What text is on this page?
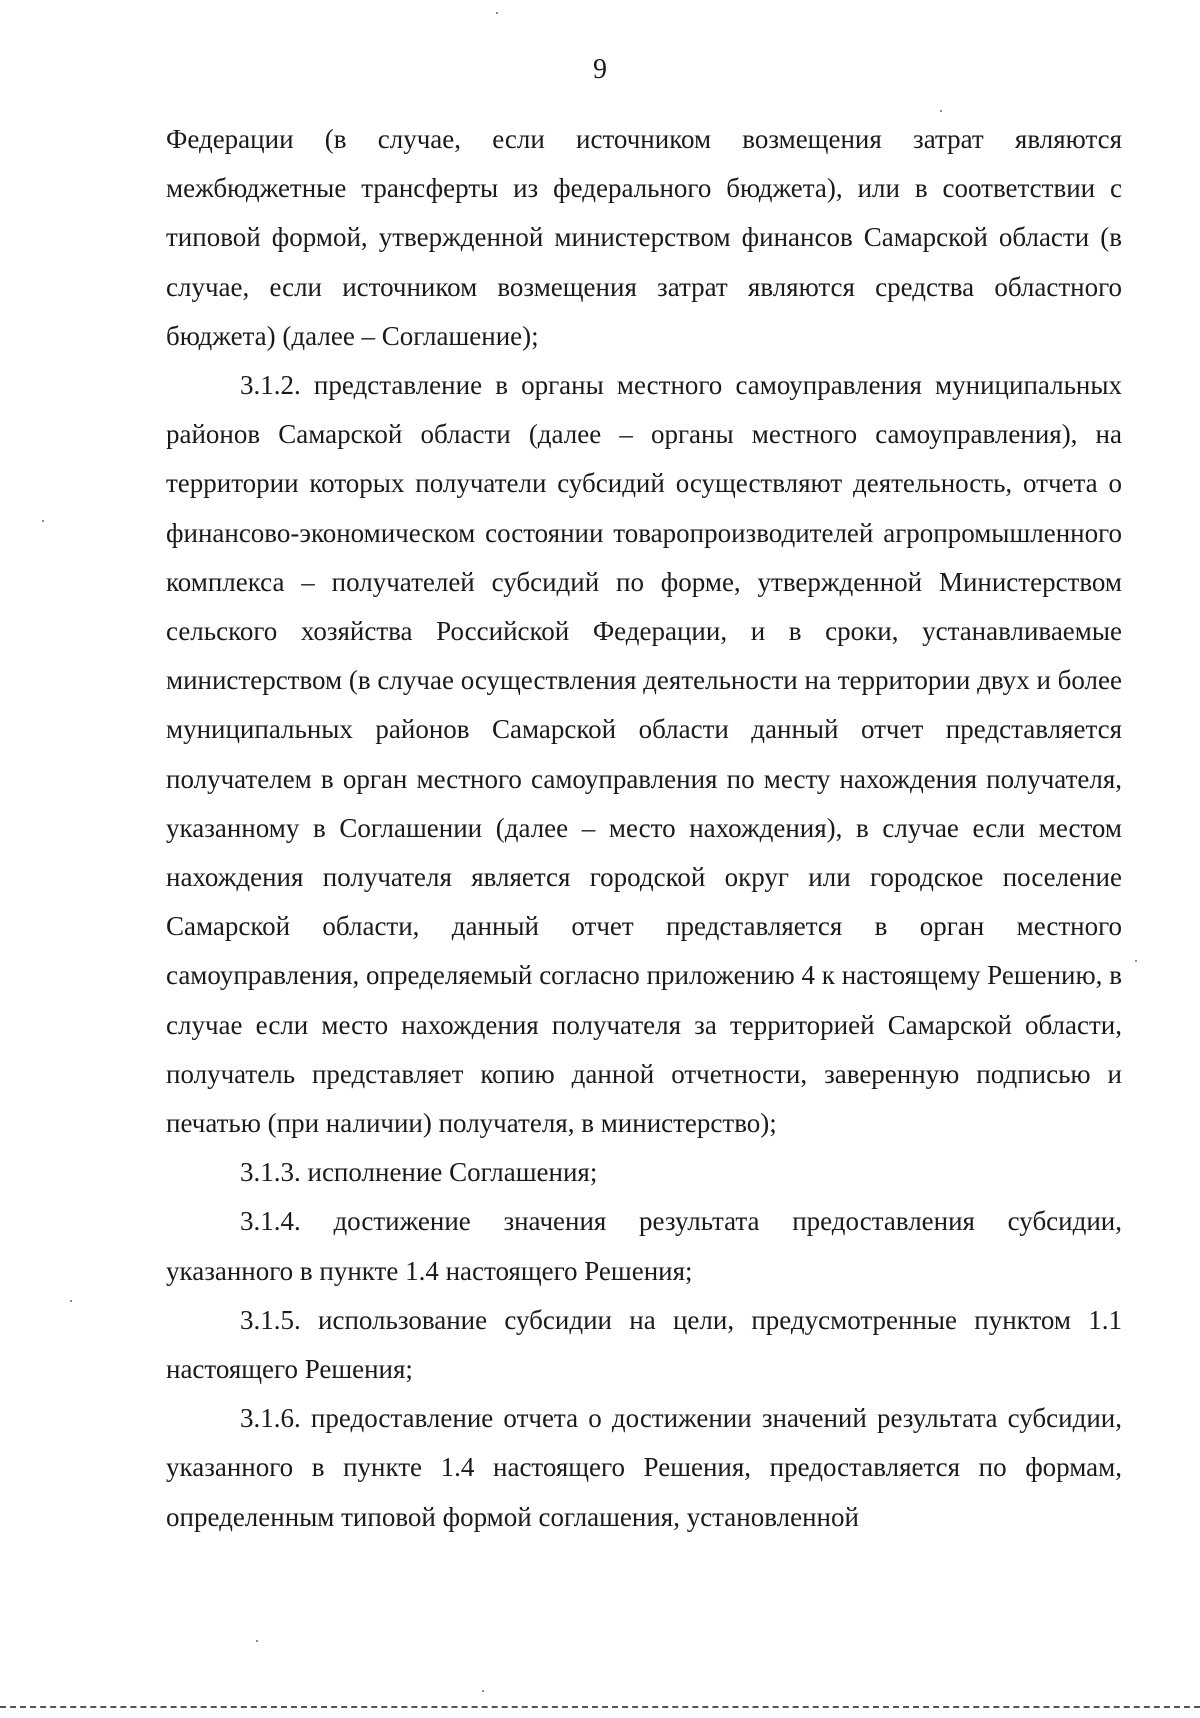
9

Федерации (в случае, если источником возмещения затрат являются межбюджетные трансферты из федерального бюджета), или в соответствии с типовой формой, утвержденной министерством финансов Самарской области (в случае, если источником возмещения затрат являются средства областного бюджета) (далее – Соглашение);

3.1.2. представление в органы местного самоуправления муниципальных районов Самарской области (далее – органы местного самоуправления), на территории которых получатели субсидий осуществляют деятельность, отчета о финансово-экономическом состоянии товаропроизводителей агропромышленного комплекса – получателей субсидий по форме, утвержденной Министерством сельского хозяйства Российской Федерации, и в сроки, устанавливаемые министерством (в случае осуществления деятельности на территории двух и более муниципальных районов Самарской области данный отчет представляется получателем в орган местного самоуправления по месту нахождения получателя, указанному в Соглашении (далее – место нахождения), в случае если местом нахождения получателя является городской округ или городское поселение Самарской области, данный отчет представляется в орган местного самоуправления, определяемый согласно приложению 4 к настоящему Решению, в случае если место нахождения получателя за территорией Самарской области, получатель представляет копию данной отчетности, заверенную подписью и печатью (при наличии) получателя, в министерство);

3.1.3. исполнение Соглашения;

3.1.4. достижение значения результата предоставления субсидии, указанного в пункте 1.4 настоящего Решения;

3.1.5. использование субсидии на цели, предусмотренные пунктом 1.1 настоящего Решения;

3.1.6. предоставление отчета о достижении значений результата субсидии, указанного в пункте 1.4 настоящего Решения, предоставляется по формам, определенным типовой формой соглашения, установленной
